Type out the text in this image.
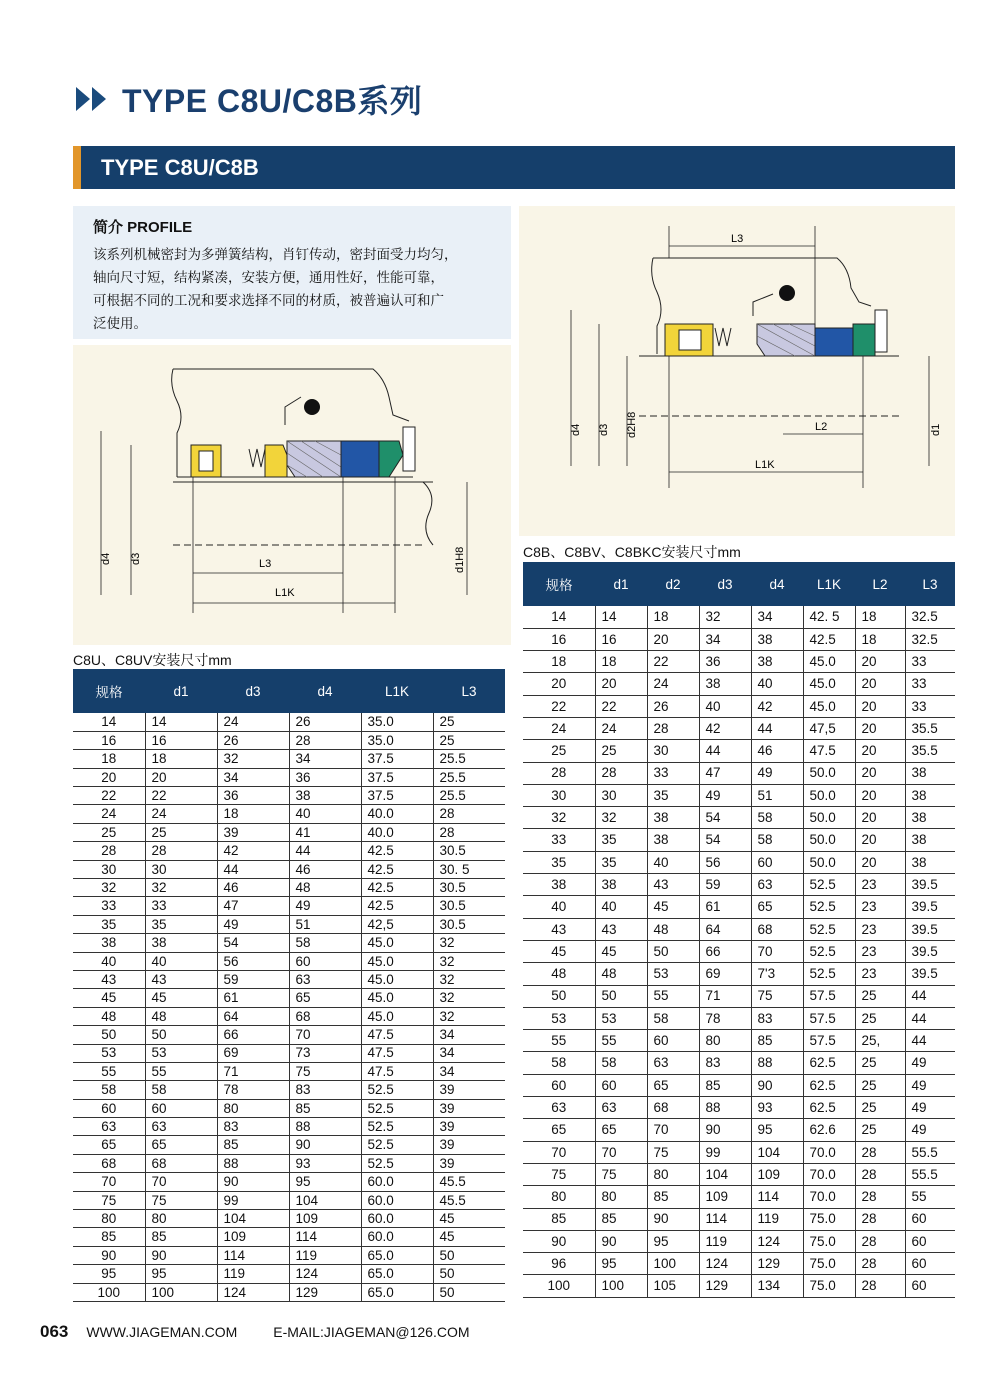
TYPE C8U/C8B系列
TYPE C8U/C8B
简介 PROFILE

该系列机械密封为多弹簧结构，肖钉传动，密封面受力均匀，
轴向尺寸短，结构紧凑，安装方便，通用性好，性能可靠，
可根据不同的工况和要求选择不同的材质，被普遍认可和广
泛使用。

d4 d3	L3
L1K
d1H8
L3
d4 d3 d2H8	L2
L1K
d1
C8U、C8UV安装尺寸mm
规格	d1	d3	d4	L1K	L3
14	14	24	26	35.0	25
16	16	26	28	35.0	25
18	18	32	34	37.5	25.5
20	20	34	36	37.5	25.5
22	22	36	38	37.5	25.5
24	24	18	40	40.0	28
25	25	39	41	40.0	28
28	28	42	44	42.5	30.5
30	30	44	46	42.5	30. 5
32	32	46	48	42.5	30.5
33	33	47	49	42.5	30.5
35	35	49	51	42,5	30.5
38	38	54	58	45.0	32
40	40	56	60	45.0	32
43	43	59	63	45.0	32
45	45	61	65	45.0	32
48	48	64	68	45.0	32
50	50	66	70	47.5	34
53	53	69	73	47.5	34
55	55	71	75	47.5	34
58	58	78	83	52.5	39
60	60	80	85	52.5	39
63	63	83	88	52.5	39
65	65	85	90	52.5	39
68	68	88	93	52.5	39
70	70	90	95	60.0	45.5
75	75	99	104	60.0	45.5
80	80	104	109	60.0	45
85	85	109	114	60.0	45
90	90	114	119	65.0	50
95	95	119	124	65.0	50
100	100	124	129	65.0	50
C8B、C8BV、C8BKC安装尺寸mm
规格	d1	d2	d3	d4	L1K	L2	L3
14	14	18	32	34	42. 5	18	32.5
16	16	20	34	38	42.5	18	32.5
18	18	22	36	38	45.0	20	33
20	20	24	38	40	45.0	20	33
22	22	26	40	42	45.0	20	33
24	24	28	42	44	47,5	20	35.5
25	25	30	44	46	47.5	20	35.5
28	28	33	47	49	50.0	20	38
30	30	35	49	51	50.0	20	38
32	32	38	54	58	50.0	20	38
33	35	38	54	58	50.0	20	38
35	35	40	56	60	50.0	20	38
38	38	43	59	63	52.5	23	39.5
40	40	45	61	65	52.5	23	39.5
43	43	48	64	68	52.5	23	39.5
45	45	50	66	70	52.5	23	39.5
48	48	53	69	7'3	52.5	23	39.5
50	50	55	71	75	57.5	25	44
53	53	58	78	83	57.5	25	44
55	55	60	80	85	57.5	25,	44
58	58	63	83	88	62.5	25	49
60	60	65	85	90	62.5	25	49
63	63	68	88	93	62.5	25	49
65	65	70	90	95	62.6	25	49
70	70	75	99	104	70.0	28	55.5
75	75	80	104	109	70.0	28	55.5
80	80	85	109	114	70.0	28	55
85	85	90	114	119	75.0	28	60
90	90	95	119	124	75.0	28	60
96	95	100	124	129	75.0	28	60
100	100	105	129	134	75.0	28	60
063 WWW.JIAGEMAN.COM	E-MAIL:JIAGEMAN@126.COM
